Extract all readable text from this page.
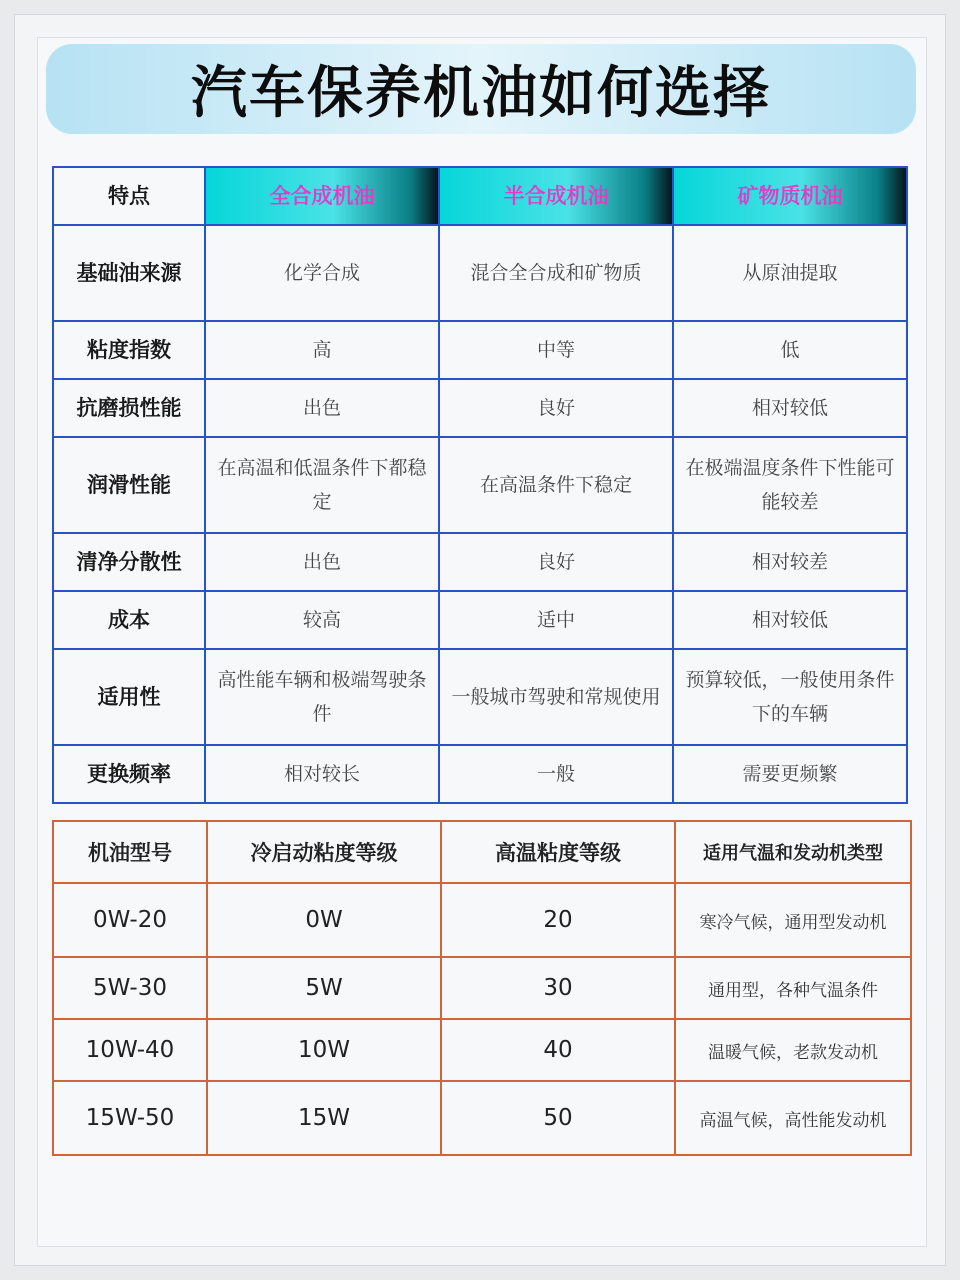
汽车保养机油如何选择
特点	全合成机油	半合成机油	矿物质机油
基础油来源	化学合成	混合全合成和矿物质	从原油提取
粘度指数	高	中等	低
抗磨损性能	出色	良好	相对较低
润滑性能	在高温和低温条件下都稳定	在高温条件下稳定	在极端温度条件下性能可能较差
清净分散性	出色	良好	相对较差
成本	较高	适中	相对较低
适用性	高性能车辆和极端驾驶条件	一般城市驾驶和常规使用	预算较低，一般使用条件下的车辆
更换频率	相对较长	一般	需要更频繁
机油型号	冷启动粘度等级	高温粘度等级	适用气温和发动机类型
0W-20	0W	20	寒冷气候，通用型发动机
5W-30	5W	30	通用型，各种气温条件
10W-40	10W	40	温暖气候，老款发动机
15W-50	15W	50	高温气候，高性能发动机
